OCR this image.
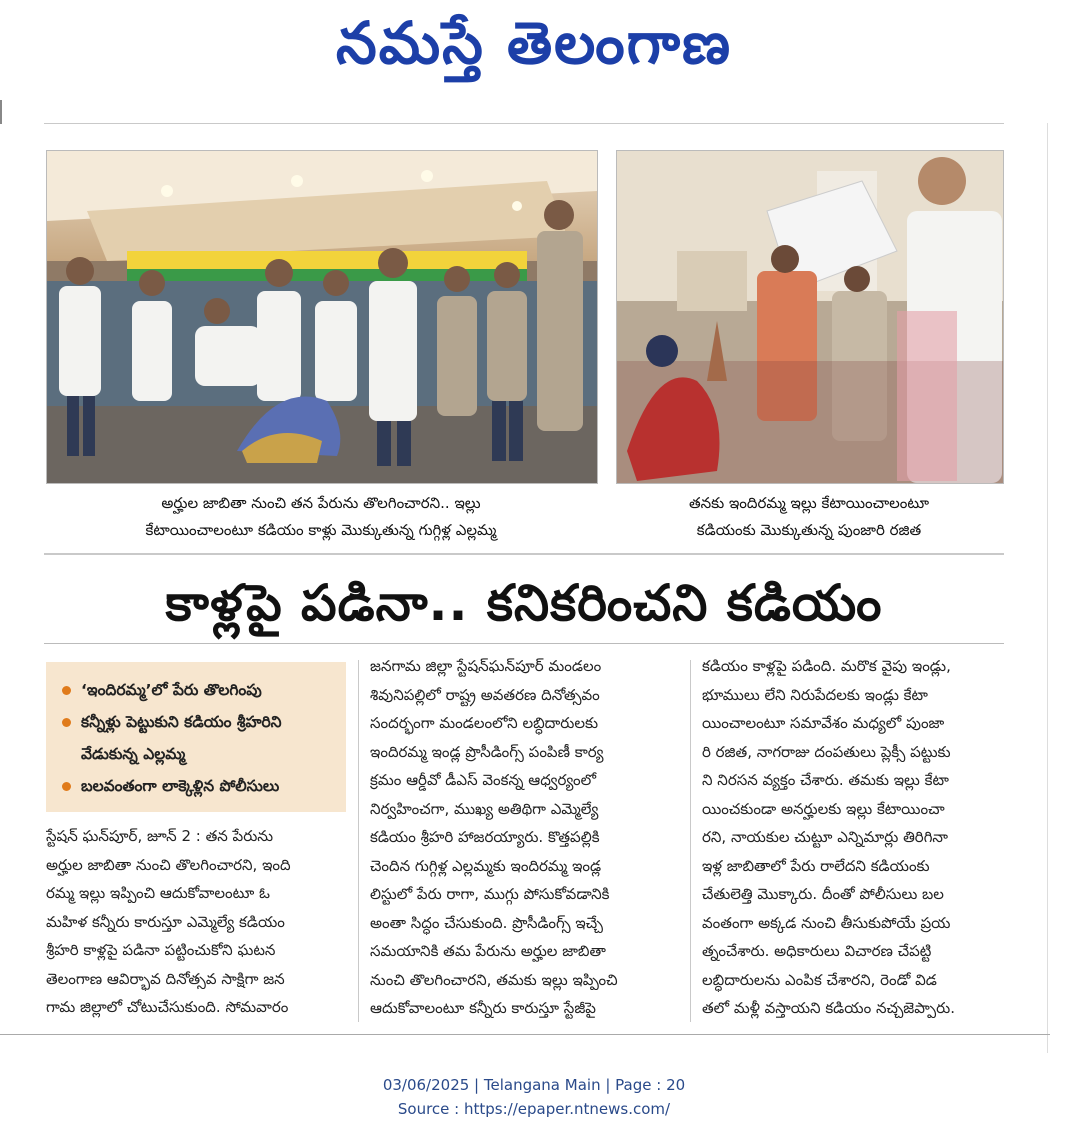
నమస్తే తెలంగాణ
అర్హుల జాబితా నుంచి తన పేరును తొలగించారని.. ఇల్లు
కేటాయించాలంటూ కడియం కాళ్లు మొక్కుతున్న గుగ్గిళ్ల ఎల్లమ్మ
తనకు ఇందిరమ్మ ఇల్లు కేటాయించాలంటూ
కడియంకు మొక్కుతున్న పుంజారి రజిత
కాళ్లపై పడినా.. కనికరించని కడియం
‘ఇందిరమ్మ’లో పేరు తొలగింపు
కన్నీళ్లు పెట్టుకుని కడియం శ్రీహరిని వేడుకున్న ఎల్లమ్మ
బలవంతంగా లాక్కెళ్లిన పోలీసులు
స్టేషన్ ఘన్‌పూర్, జూన్ 2 : తన పేరును
అర్హుల జాబితా నుంచి తొలగించారని, ఇంది
రమ్మ ఇల్లు ఇప్పించి ఆదుకోవాలంటూ ఓ
మహిళ కన్నీరు కారుస్తూ ఎమ్మెల్యే కడియం
శ్రీహరి కాళ్లపై పడినా పట్టించుకోని ఘటన
తెలంగాణ ఆవిర్భావ దినోత్సవ సాక్షిగా జన
గామ జిల్లాలో చోటుచేసుకుంది. సోమవారం
జనగామ జిల్లా స్టేషన్‌ఘన్‌పూర్ మండలం
శివునిపల్లిలో రాష్ట్ర అవతరణ దినోత్సవం
సందర్భంగా మండలంలోని లబ్ధిదారులకు
ఇందిరమ్మ ఇండ్ల ప్రొసీడింగ్స్ పంపిణీ కార్య
క్రమం ఆర్డీవో డీఎస్ వెంకన్న ఆధ్వర్యంలో
నిర్వహించగా, ముఖ్య అతిథిగా ఎమ్మెల్యే
కడియం శ్రీహరి హాజరయ్యారు. కొత్తపల్లికి
చెందిన గుగ్గిళ్ల ఎల్లమ్మకు ఇందిరమ్మ ఇండ్ల
లిస్టులో పేరు రాగా, ముగ్గు పోసుకోవడానికి
అంతా సిద్ధం చేసుకుంది. ప్రొసీడింగ్స్ ఇచ్చే
సమయానికి తమ పేరును అర్హుల జాబితా
నుంచి తొలగించారని, తమకు ఇల్లు ఇప్పించి
ఆదుకోవాలంటూ కన్నీరు కారుస్తూ స్టేజీపై
కడియం కాళ్లపై పడింది. మరొక వైపు ఇండ్లు,
భూములు లేని నిరుపేదలకు ఇండ్లు కేటా
యించాలంటూ సమావేశం మధ్యలో పుంజా
రి రజిత, నాగరాజు దంపతులు ప్లెక్సీ పట్టుకు
ని నిరసన వ్యక్తం చేశారు. తమకు ఇల్లు కేటా
యించకుండా అనర్హులకు ఇల్లు కేటాయించా
రని, నాయకుల చుట్టూ ఎన్నిమార్లు తిరిగినా
ఇళ్ల జాబితాలో పేరు రాలేదని కడియంకు
చేతులెత్తి మొక్కారు. దీంతో పోలీసులు బల
వంతంగా అక్కడ నుంచి తీసుకుపోయే ప్రయ
త్నంచేశారు. అధికారులు విచారణ చేపట్టి
లబ్ధిదారులను ఎంపిక చేశారని, రెండో విడ
తలో మళ్లీ వస్తాయని కడియం నచ్చజెప్పారు.
03/06/2025 | Telangana Main | Page : 20
Source : https://epaper.ntnews.com/
